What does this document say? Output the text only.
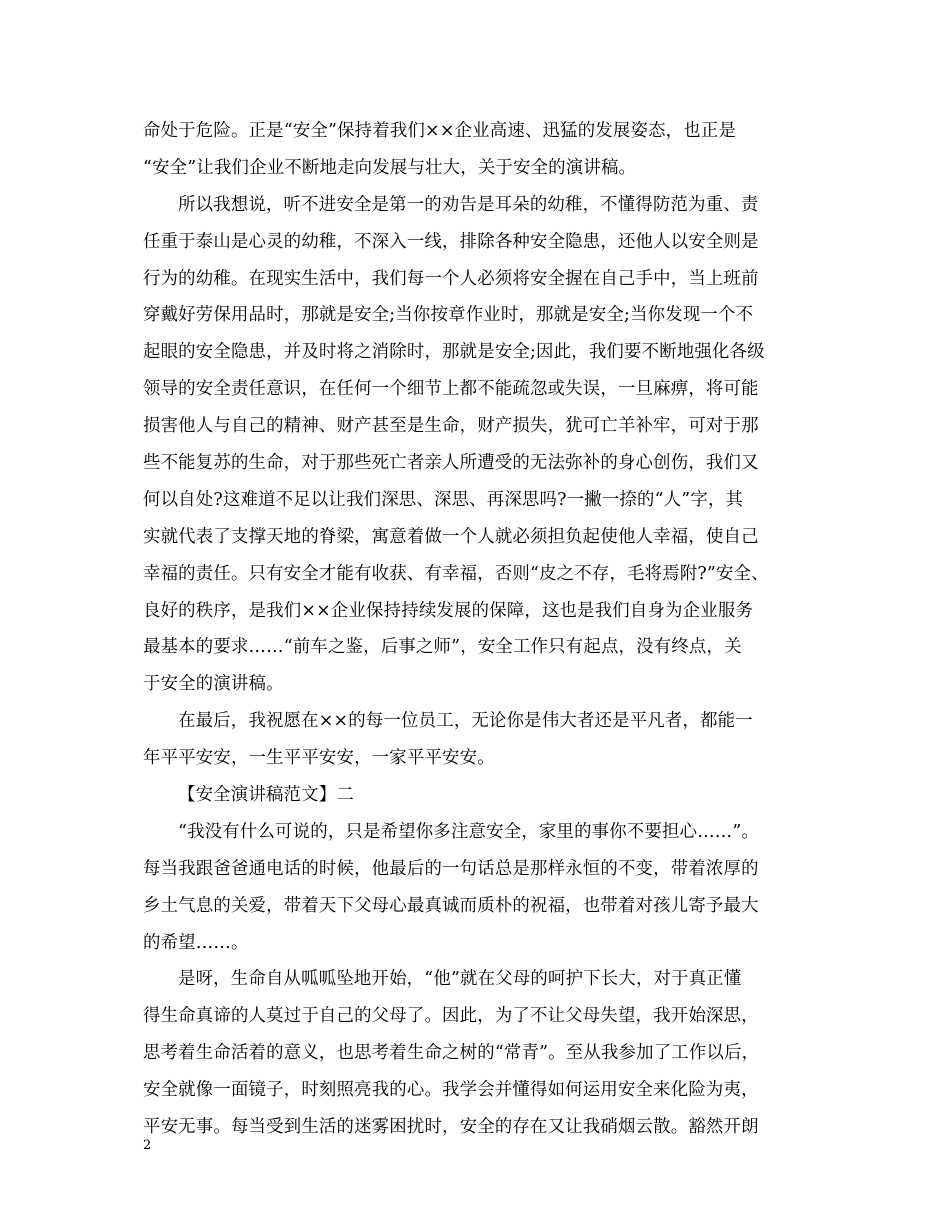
命处于危险。正是“安全”保持着我们××企业高速、迅猛的发展姿态，也正是
“安全”让我们企业不断地走向发展与壮大，关于安全的演讲稿。
所以我想说，听不进安全是第一的劝告是耳朵的幼稚，不懂得防范为重、责
任重于泰山是心灵的幼稚，不深入一线，排除各种安全隐患，还他人以安全则是
行为的幼稚。在现实生活中，我们每一个人必须将安全握在自己手中，当上班前
穿戴好劳保用品时，那就是安全;当你按章作业时，那就是安全;当你发现一个不
起眼的安全隐患，并及时将之消除时，那就是安全;因此，我们要不断地强化各级
领导的安全责任意识，在任何一个细节上都不能疏忽或失误，一旦麻痹，将可能
损害他人与自己的精神、财产甚至是生命，财产损失，犹可亡羊补牢，可对于那
些不能复苏的生命，对于那些死亡者亲人所遭受的无法弥补的身心创伤，我们又
何以自处?这难道不足以让我们深思、深思、再深思吗?一撇一捺的“人”字，其
实就代表了支撑天地的脊梁，寓意着做一个人就必须担负起使他人幸福，使自己
幸福的责任。只有安全才能有收获、有幸福，否则“皮之不存，毛将焉附?”安全、
良好的秩序，是我们××企业保持持续发展的保障，这也是我们自身为企业服务
最基本的要求……“前车之鉴，后事之师”，安全工作只有起点，没有终点，关
于安全的演讲稿。
在最后，我祝愿在××的每一位员工，无论你是伟大者还是平凡者，都能一
年平平安安，一生平平安安，一家平平安安。
【安全演讲稿范文】二
“我没有什么可说的，只是希望你多注意安全，家里的事你不要担心……”。
每当我跟爸爸通电话的时候，他最后的一句话总是那样永恒的不变，带着浓厚的
乡土气息的关爱，带着天下父母心最真诚而质朴的祝福，也带着对孩儿寄予最大
的希望……。
是呀，生命自从呱呱坠地开始，“他”就在父母的呵护下长大，对于真正懂
得生命真谛的人莫过于自己的父母了。因此，为了不让父母失望，我开始深思，
思考着生命活着的意义，也思考着生命之树的“常青”。至从我参加了工作以后，
安全就像一面镜子，时刻照亮我的心。我学会并懂得如何运用安全来化险为夷，
平安无事。每当受到生活的迷雾困扰时，安全的存在又让我硝烟云散。豁然开朗
2
